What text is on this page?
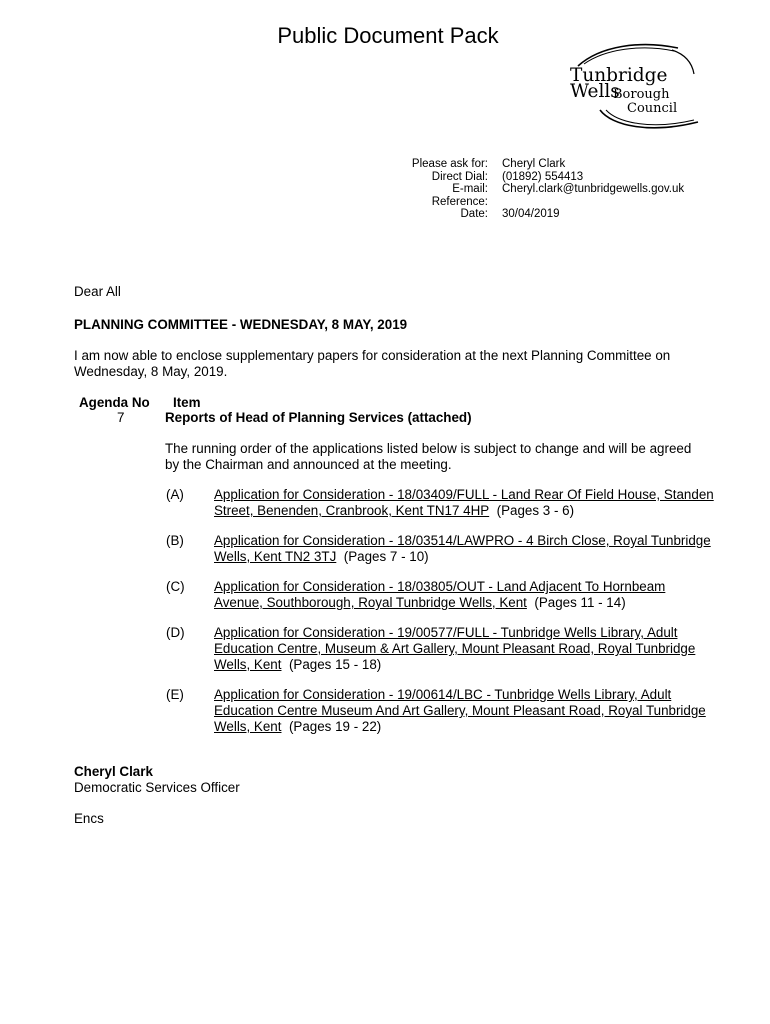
Public Document Pack
Tunbridge
Wells
Borough
Council
Please ask for: Cheryl Clark
Direct Dial: (01892) 554413
E-mail: Cheryl.clark@tunbridgewells.gov.uk
Reference:
Date: 30/04/2019
Dear All
PLANNING COMMITTEE - WEDNESDAY, 8 MAY, 2019
I am now able to enclose supplementary papers for consideration at the next Planning Committee on Wednesday, 8 May, 2019.
Agenda No Item
7	Reports of Head of Planning Services (attached)
The running order of the applications listed below is subject to change and will be agreed by the Chairman and announced at the meeting.
(A) Application for Consideration - 18/03409/FULL - Land Rear Of Field House, Standen Street, Benenden, Cranbrook, Kent TN17 4HP (Pages 3 - 6)
(B) Application for Consideration - 18/03514/LAWPRO - 4 Birch Close, Royal Tunbridge Wells, Kent TN2 3TJ (Pages 7 - 10)
(C) Application for Consideration - 18/03805/OUT - Land Adjacent To Hornbeam Avenue, Southborough, Royal Tunbridge Wells, Kent (Pages 11 - 14)
(D) Application for Consideration - 19/00577/FULL - Tunbridge Wells Library, Adult Education Centre, Museum & Art Gallery, Mount Pleasant Road, Royal Tunbridge Wells, Kent (Pages 15 - 18)
(E) Application for Consideration - 19/00614/LBC - Tunbridge Wells Library, Adult Education Centre Museum And Art Gallery, Mount Pleasant Road, Royal Tunbridge Wells, Kent (Pages 19 - 22)
Cheryl Clark
Democratic Services Officer
Encs
